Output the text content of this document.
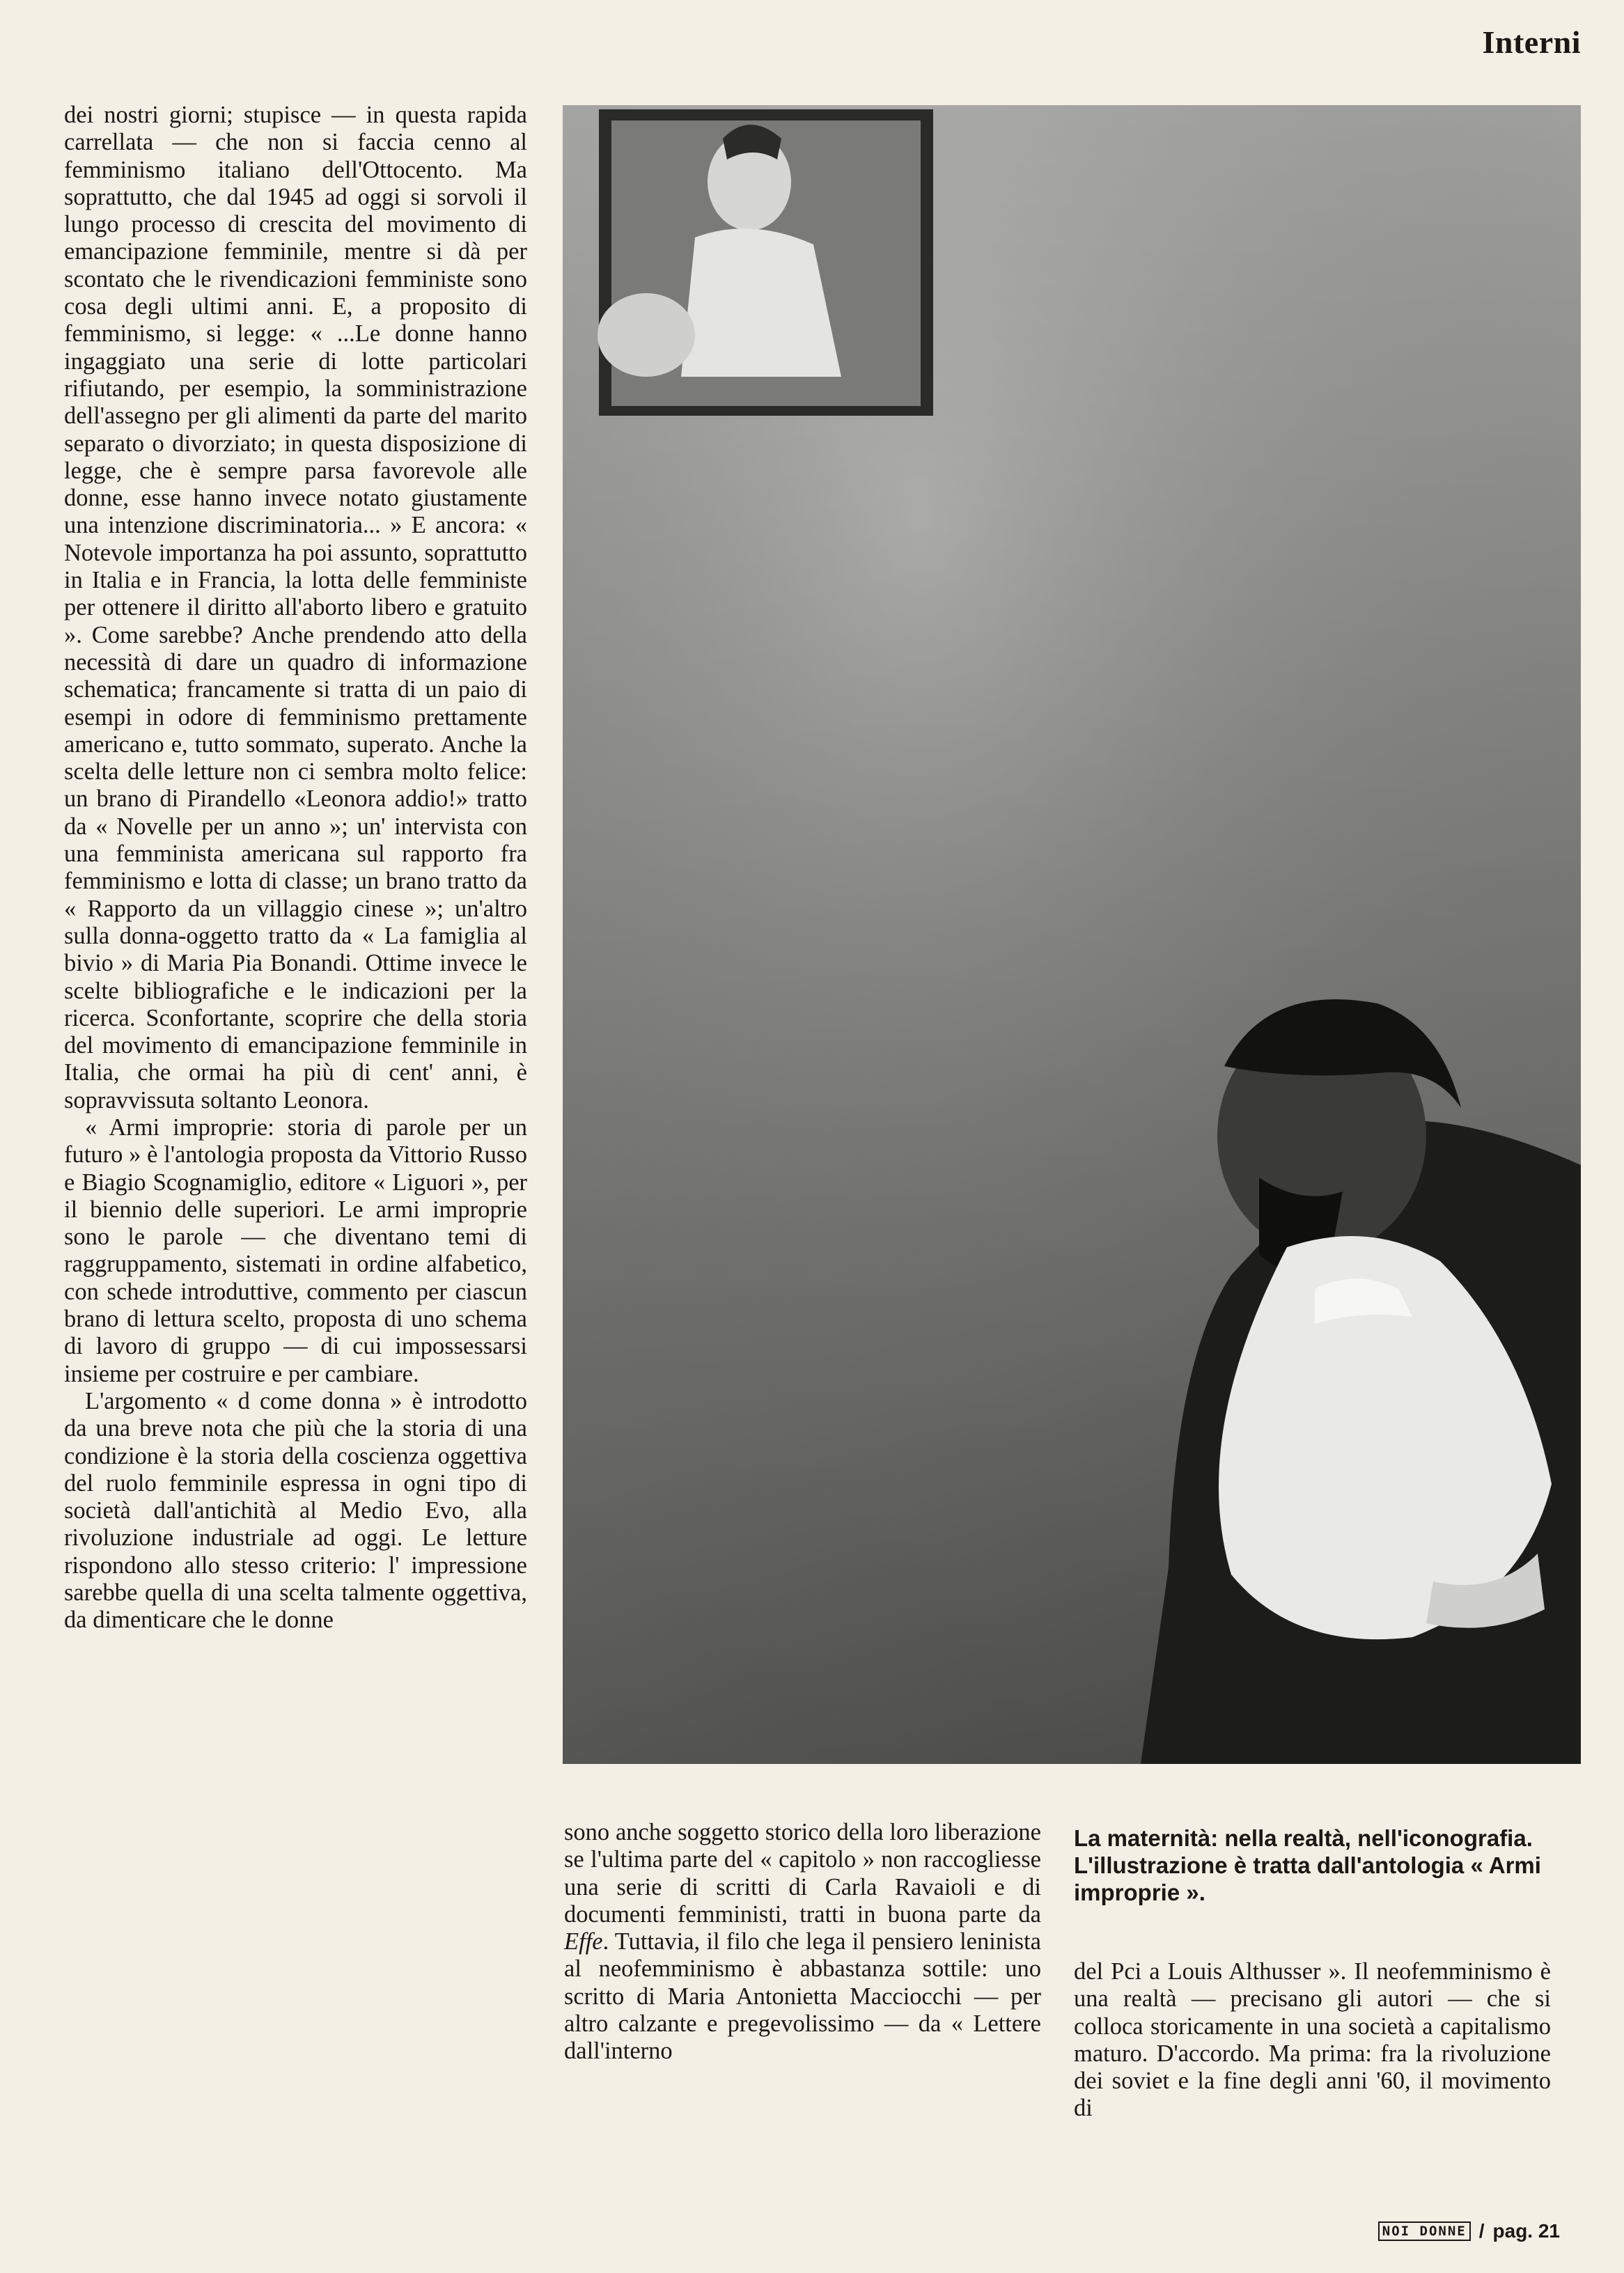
Interni

dei nostri giorni; stupisce — in questa rapida carrellata — che non si faccia cenno al femminismo italiano dell'Ottocento. Ma soprattutto, che dal 1945 ad oggi si sorvoli il lungo processo di crescita del movimento di emancipazione femminile, mentre si dà per scontato che le rivendicazioni femministe sono cosa degli ultimi anni. E, a proposito di femminismo, si legge: « ...Le donne hanno ingaggiato una serie di lotte particolari rifiutando, per esempio, la somministrazione dell'assegno per gli alimenti da parte del marito separato o divorziato; in questa disposizione di legge, che è sempre parsa favorevole alle donne, esse hanno invece notato giustamente una intenzione discriminatoria... » E ancora: « Notevole importanza ha poi assunto, soprattutto in Italia e in Francia, la lotta delle femministe per ottenere il diritto all'aborto libero e gratuito ». Come sarebbe? Anche prendendo atto della necessità di dare un quadro di informazione schematica; francamente si tratta di un paio di esempi in odore di femminismo prettamente americano e, tutto sommato, superato. Anche la scelta delle letture non ci sembra molto felice: un brano di Pirandello «Leonora addio!» tratto da « Novelle per un anno »; un' intervista con una femminista americana sul rapporto fra femminismo e lotta di classe; un brano tratto da « Rapporto da un villaggio cinese »; un'altro sulla donna-oggetto tratto da « La famiglia al bivio » di Maria Pia Bonandi. Ottime invece le scelte bibliografiche e le indicazioni per la ricerca. Sconfortante, scoprire che della storia del movimento di emancipazione femminile in Italia, che ormai ha più di cent' anni, è sopravvissuta soltanto Leonora.

« Armi improprie: storia di parole per un futuro » è l'antologia proposta da Vittorio Russo e Biagio Scognamiglio, editore « Liguori », per il biennio delle superiori. Le armi improprie sono le parole — che diventano temi di raggruppamento, sistemati in ordine alfabetico, con schede introduttive, commento per ciascun brano di lettura scelto, proposta di uno schema di lavoro di gruppo — di cui impossessarsi insieme per costruire e per cambiare.

L'argomento « d come donna » è introdotto da una breve nota che più che la storia di una condizione è la storia della coscienza oggettiva del ruolo femminile espressa in ogni tipo di società dall'antichità al Medio Evo, alla rivoluzione industriale ad oggi. Le letture rispondono allo stesso criterio: l' impressione sarebbe quella di una scelta talmente oggettiva, da dimenticare che le donne

La maternità: nella realtà, nell'iconografia. L'illustrazione è tratta dall'antologia « Armi improprie ».

sono anche soggetto storico della loro liberazione se l'ultima parte del « capitolo » non raccogliesse una serie di scritti di Carla Ravaioli e di documenti femministi, tratti in buona parte da Effe. Tuttavia, il filo che lega il pensiero leninista al neofemminismo è abbastanza sottile: uno scritto di Maria Antonietta Macciocchi — per altro calzante e pregevolissimo — da « Lettere dall'interno

del Pci a Louis Althusser ». Il neofemminismo è una realtà — precisano gli autori — che si colloca storicamente in una società a capitalismo maturo. D'accordo. Ma prima: fra la rivoluzione dei soviet e la fine degli anni '60, il movimento di

NOI DONNE / pag. 21
